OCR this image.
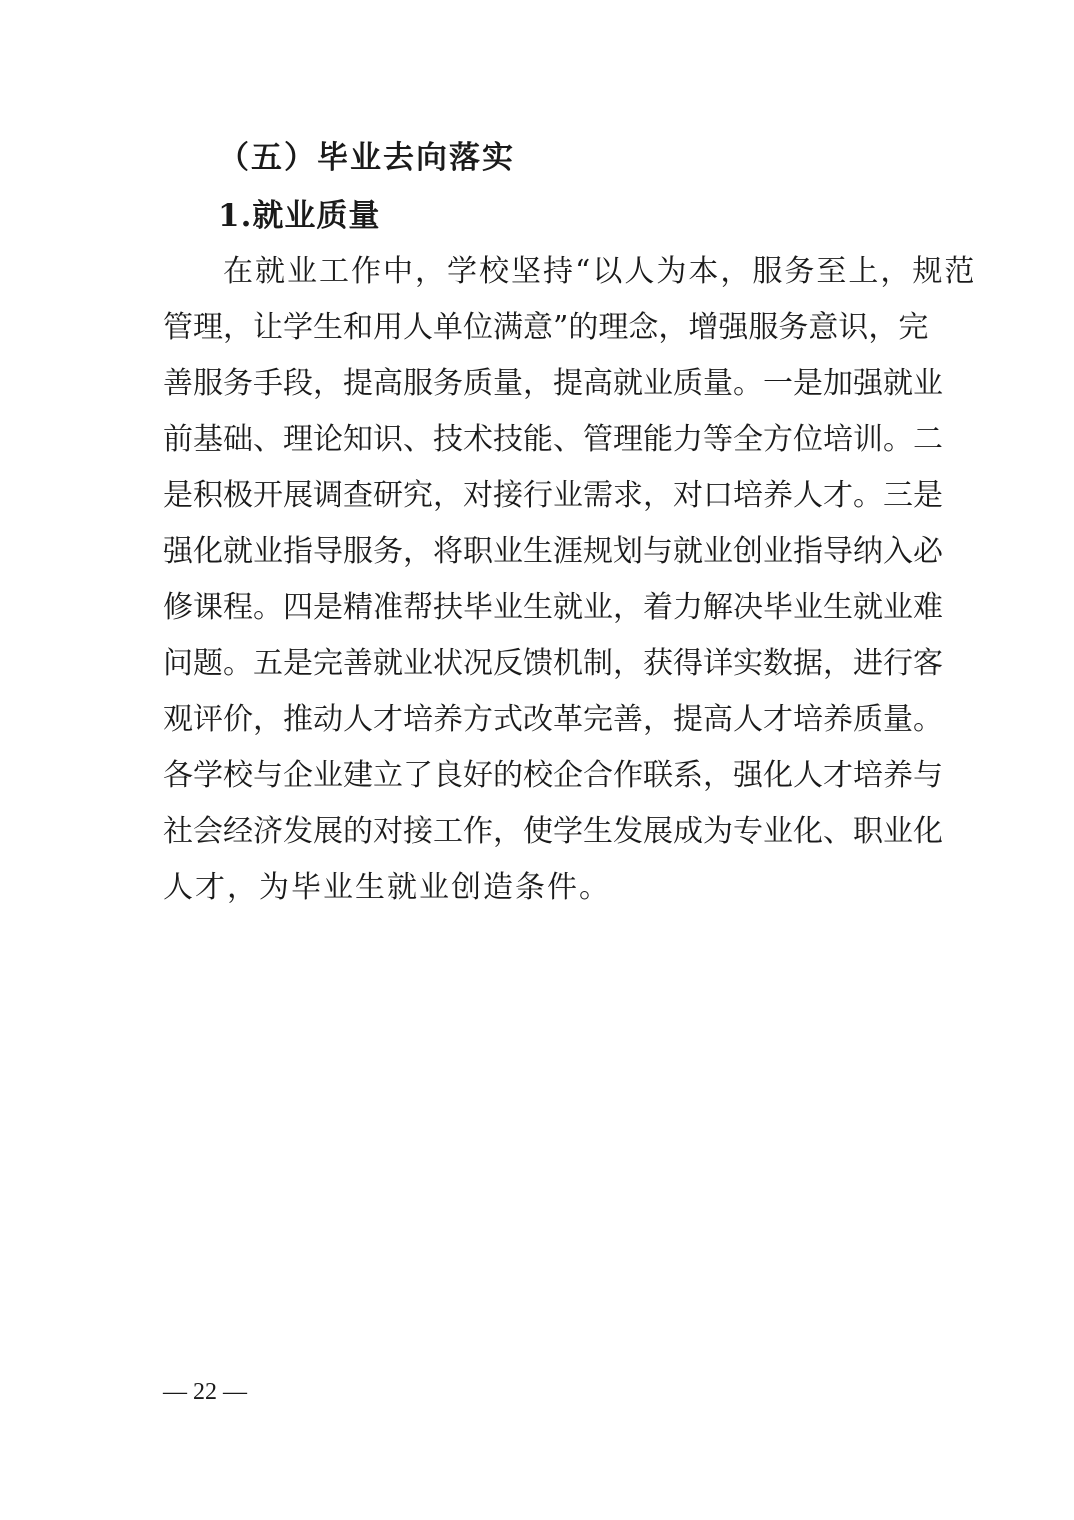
（五）毕业去向落实
1.就业质量
在就业工作中，学校坚持“以人为本，服务至上，规范
管理，让学生和用人单位满意”的理念，增强服务意识，完
善服务手段，提高服务质量，提高就业质量。一是加强就业
前基础、理论知识、技术技能、管理能力等全方位培训。二
是积极开展调查研究，对接行业需求，对口培养人才。三是
强化就业指导服务，将职业生涯规划与就业创业指导纳入必
修课程。四是精准帮扶毕业生就业，着力解决毕业生就业难
问题。五是完善就业状况反馈机制，获得详实数据，进行客
观评价，推动人才培养方式改革完善，提高人才培养质量。
各学校与企业建立了良好的校企合作联系，强化人才培养与
社会经济发展的对接工作，使学生发展成为专业化、职业化
人才，为毕业生就业创造条件。
— 22 —
